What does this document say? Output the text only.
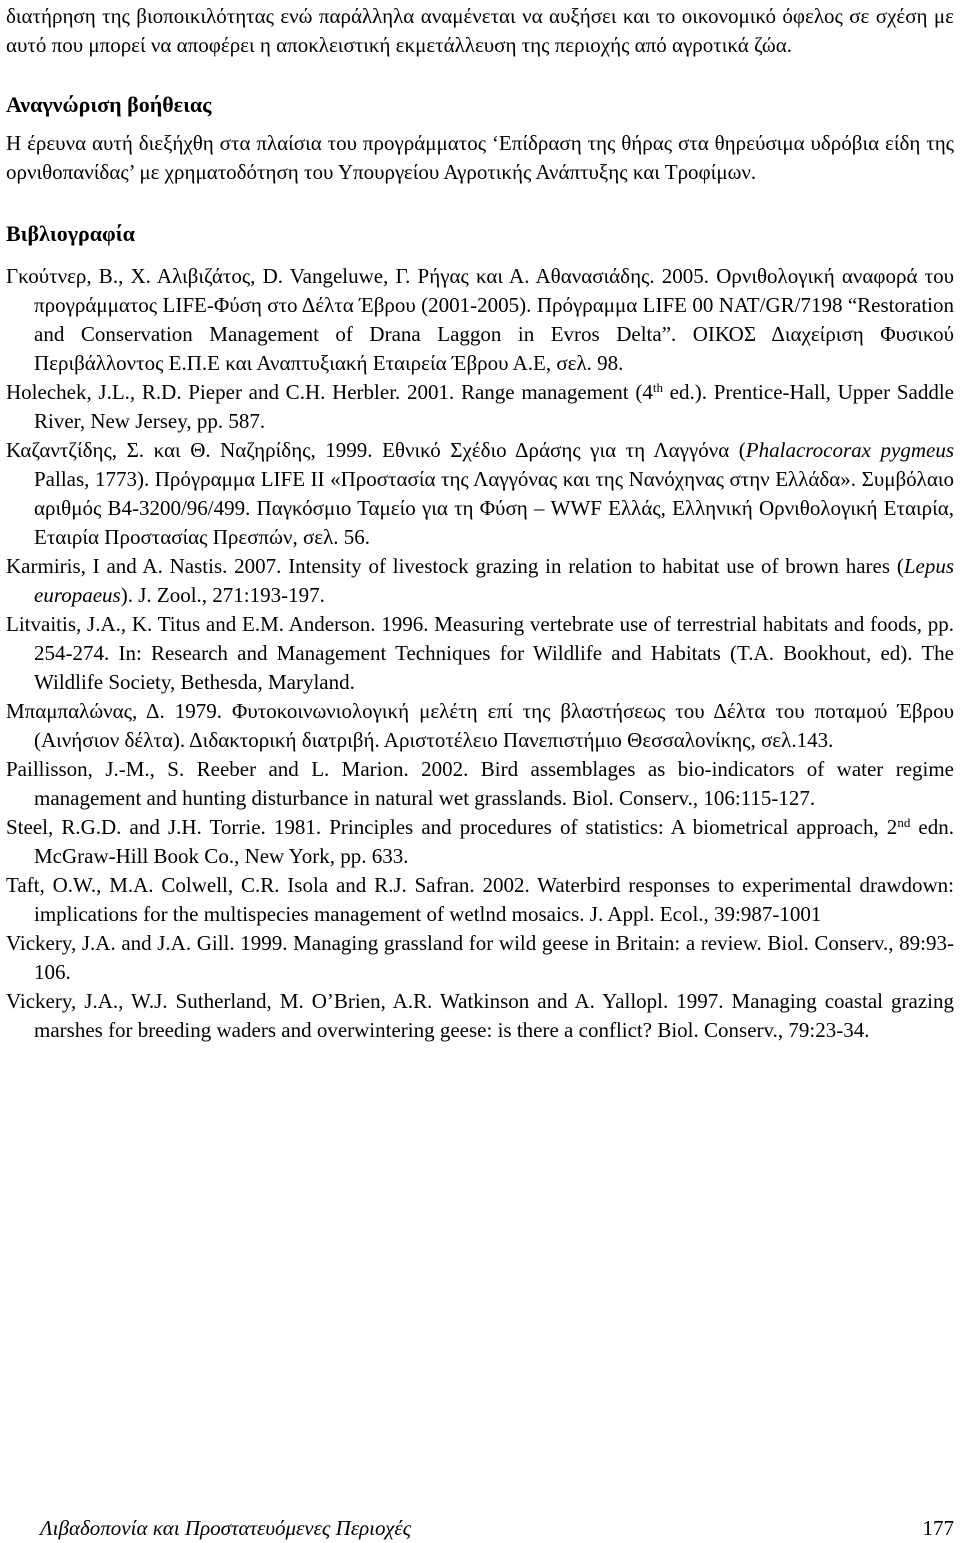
διατήρηση της βιοποικιλότητας ενώ παράλληλα αναμένεται να αυξήσει και το οικονομικό όφελος σε σχέση με αυτό που μπορεί να αποφέρει η αποκλειστική εκμετάλλευση της περιοχής από αγροτικά ζώα.

Αναγνώριση βοήθειας

Η έρευνα αυτή διεξήχθη στα πλαίσια του προγράμματος ‘Επίδραση της θήρας στα θηρεύσιμα υδρόβια είδη της ορνιθοπανίδας’ με χρηματοδότηση του Υπουργείου Αγροτικής Ανάπτυξης και Τροφίμων.

Βιβλιογραφία

Γκούτνερ, Β., Χ. Αλιβιζάτος, D. Vangeluwe, Γ. Ρήγας και Α. Αθανασιάδης. 2005. Ορνιθολογική αναφορά του προγράμματος LIFE-Φύση στο Δέλτα Έβρου (2001-2005). Πρόγραμμα LIFE 00 NAT/GR/7198 “Restoration and Conservation Management of Drana Laggon in Evros Delta”. ΟΙΚΟΣ Διαχείριση Φυσικού Περιβάλλοντος Ε.Π.Ε και Αναπτυξιακή Εταιρεία Έβρου Α.Ε, σελ. 98.

Holechek, J.L., R.D. Pieper and C.H. Herbler. 2001. Range management (4th ed.). Prentice-Hall, Upper Saddle River, New Jersey, pp. 587.

Καζαντζίδης, Σ. και Θ. Ναζηρίδης, 1999. Εθνικό Σχέδιο Δράσης για τη Λαγγόνα (Phalacrocorax pygmeus Pallas, 1773). Πρόγραμμα LIFE II «Προστασία της Λαγγόνας και της Νανόχηνας στην Ελλάδα». Συμβόλαιο αριθμός B4-3200/96/499. Παγκόσμιο Ταμείο για τη Φύση – WWF Ελλάς, Ελληνική Ορνιθολογική Εταιρία, Εταιρία Προστασίας Πρεσπών, σελ. 56.

Karmiris, I and A. Nastis. 2007. Intensity of livestock grazing in relation to habitat use of brown hares (Lepus europaeus). J. Zool., 271:193-197.

Litvaitis, J.A., K. Titus and E.M. Anderson. 1996. Measuring vertebrate use of terrestrial habitats and foods, pp. 254-274. In: Research and Management Techniques for Wildlife and Habitats (T.A. Bookhout, ed). The Wildlife Society, Bethesda, Maryland.

Μπαμπαλώνας, Δ. 1979. Φυτοκοινωνιολογική μελέτη επί της βλαστήσεως του Δέλτα του ποταμού Έβρου (Αινήσιον δέλτα). Διδακτορική διατριβή. Αριστοτέλειο Πανεπιστήμιο Θεσσαλονίκης, σελ.143.

Paillisson, J.-M., S. Reeber and L. Marion. 2002. Bird assemblages as bio-indicators of water regime management and hunting disturbance in natural wet grasslands. Biol. Conserv., 106:115-127.

Steel, R.G.D. and J.H. Torrie. 1981. Principles and procedures of statistics: A biometrical approach, 2nd edn. McGraw-Hill Book Co., New York, pp. 633.

Taft, O.W., M.A. Colwell, C.R. Isola and R.J. Safran. 2002. Waterbird responses to experimental drawdown: implications for the multispecies management of wetlnd mosaics. J. Appl. Ecol., 39:987-1001

Vickery, J.A. and J.A. Gill. 1999. Managing grassland for wild geese in Britain: a review. Biol. Conserv., 89:93-106.

Vickery, J.A., W.J. Sutherland, M. O’Brien, A.R. Watkinson and A. Yallopl. 1997. Managing coastal grazing marshes for breeding waders and overwintering geese: is there a conflict? Biol. Conserv., 79:23-34.

Λιβαδοπονία και Προστατευόμενες Περιοχές	177
